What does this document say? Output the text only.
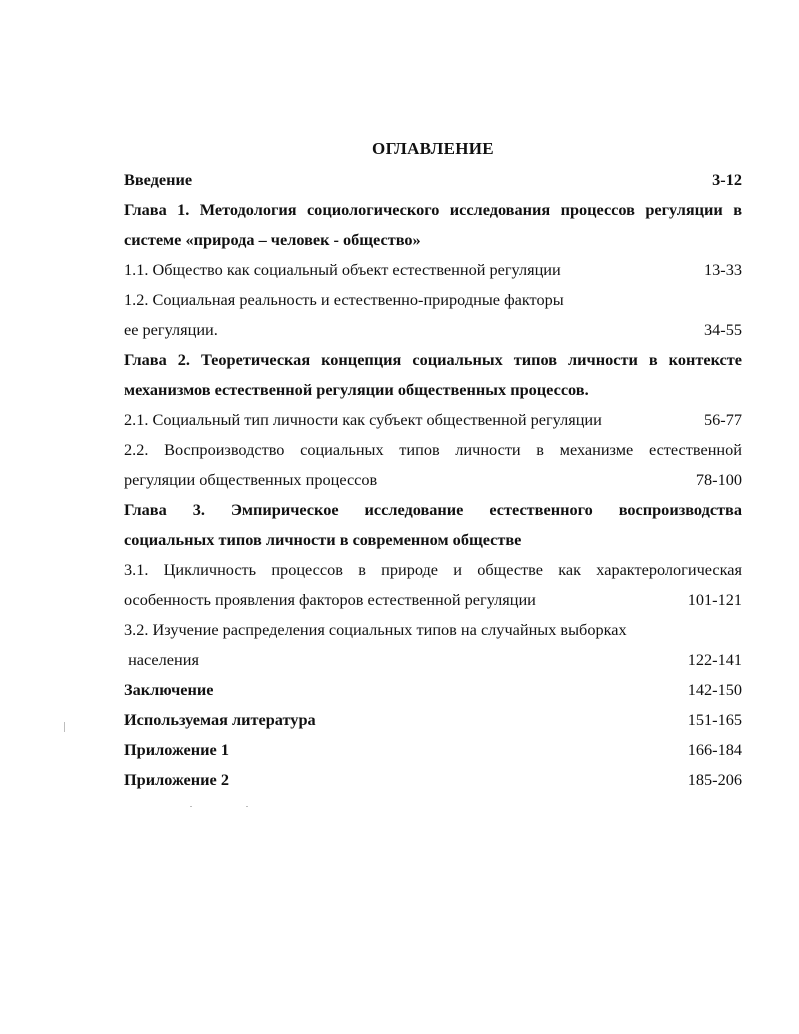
ОГЛАВЛЕНИЕ
Введение	3-12
Глава 1. Методология социологического исследования процессов регуляции в
системе «природа – человек - общество»
1.1. Общество как социальный объект естественной регуляции	13-33
1.2. Социальная реальность и естественно-природные факторы
ее регуляции.	34-55
Глава 2. Теоретическая концепция социальных типов личности в контексте
механизмов естественной регуляции общественных процессов.
2.1. Социальный тип личности как субъект общественной регуляции	56-77
2.2. Воспроизводство социальных типов личности в механизме естественной
регуляции общественных процессов	78-100
Глава 3. Эмпирическое исследование естественного воспроизводства
социальных типов личности в современном обществе
3.1. Цикличность процессов в природе и обществе как характерологическая
особенность проявления факторов естественной регуляции	101-121
3.2. Изучение распределения социальных типов на случайных выборках
населения	122-141
Заключение	142-150
Используемая литература	151-165
Приложение 1	166-184
Приложение 2	185-206
